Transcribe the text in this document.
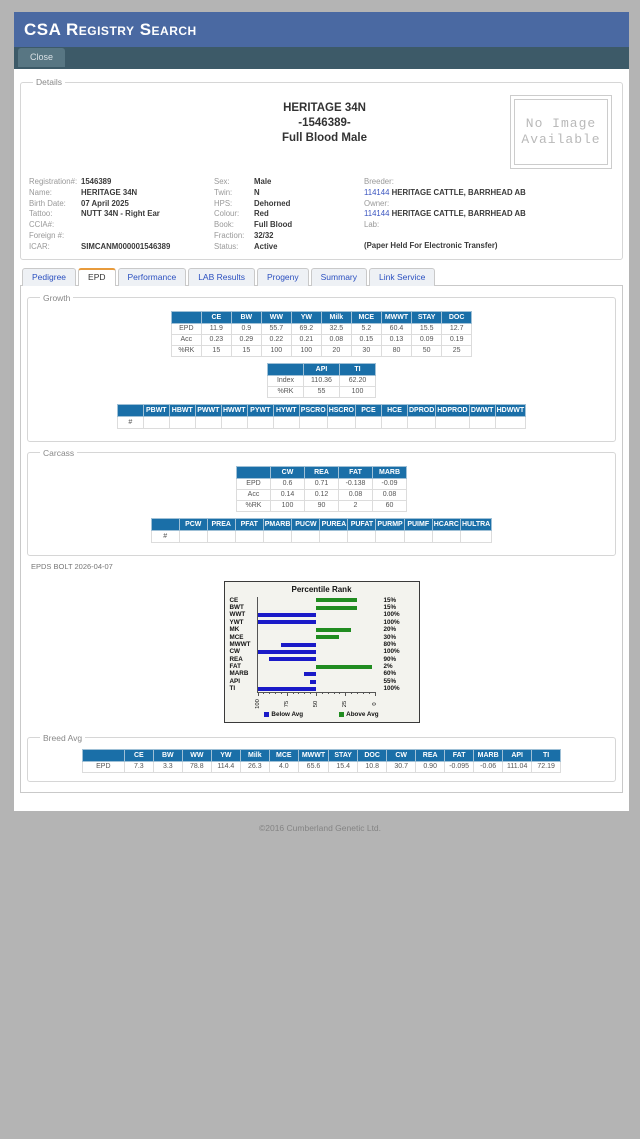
CSA Registry Search
Close
Details
HERITAGE 34N
-1546389-
Full Blood Male
No Image Available
Registration#: 1546389
Name:	HERITAGE 34N
Birth Date:	07 April 2025
Tattoo:	NUTT 34N - Right Ear
CCIA#:
Foreign #:
ICAR:	SIMCANM000001546389
Sex:	Male
Twin:	N
HPS:	Dehorned
Colour:	Red
Book:	Full Blood
Fraction:	32/32
Status:	Active
Breeder:
114144 HERITAGE CATTLE, BARRHEAD AB
Owner:
114144 HERITAGE CATTLE, BARRHEAD AB
Lab:
(Paper Held For Electronic Transfer)
Pedigree	EPD	Performance	LAB Results	Progeny	Summary	Link Service
Growth
	CE	BW	WW	YW	Milk	MCE	MWWT	STAY	DOC
EPD	11.9	0.9	55.7	69.2	32.5	5.2	60.4	15.5	12.7
Acc	0.23	0.29	0.22	0.21	0.08	0.15	0.13	0.09	0.19
%RK	15	15	100	100	20	30	80	50	25
	API	TI
Index	110.36	62.20
%RK	55	100
	PBWT	HBWT	PWWT	HWWT	PYWT	HYWT	PSCRO	HSCRO	PCE	HCE	DPROD	HDPROD	DWWT	HDWWT
#														
Carcass
	CW	REA	FAT	MARB
EPD	0.6	0.71	-0.138	-0.09
Acc	0.14	0.12	0.08	0.08
%RK	100	90	2	60
	PCW	PREA	PFAT	PMARB	PUCW	PUREA	PUFAT	PURMP	PUIMF	HCARC	HULTRA
#											
EPDS BOLT 2026-04-07
Percentile Rank
CE
BWT
WWT
YWT
MK
MCE
MWWT
CW
REA
FAT
MARB
API
TI
100	75	50	25	0
15%
15%
100%
100%
20%
30%
80%
100%
90%
2%
60%
55%
100%
Below Avg	Above Avg
Breed Avg
	CE	BW	WW	YW	Milk	MCE	MWWT	STAY	DOC	CW	REA	FAT	MARB	API	TI
EPD	7.3	3.3	78.8	114.4	26.3	4.0	65.6	15.4	10.8	30.7	0.90	-0.095	-0.06	111.04	72.19
©2016 Cumberland Genetic Ltd.
